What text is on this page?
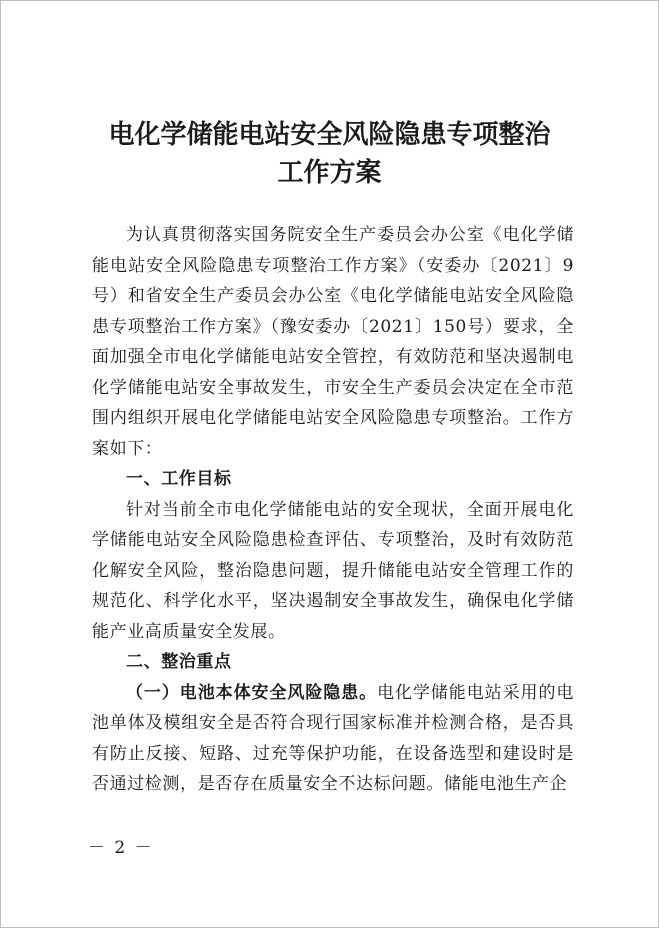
电化学储能电站安全风险隐患专项整治
工作方案

为认真贯彻落实国务院安全生产委员会办公室《电化学储能电站安全风险隐患专项整治工作方案》（安委办〔2021〕9号）和省安全生产委员会办公室《电化学储能电站安全风险隐患专项整治工作方案》（豫安委办〔2021〕150号）要求，全面加强全市电化学储能电站安全管控，有效防范和坚决遏制电化学储能电站安全事故发生，市安全生产委员会决定在全市范围内组织开展电化学储能电站安全风险隐患专项整治。工作方案如下：

一、工作目标

针对当前全市电化学储能电站的安全现状，全面开展电化学储能电站安全风险隐患检查评估、专项整治，及时有效防范化解安全风险，整治隐患问题，提升储能电站安全管理工作的规范化、科学化水平，坚决遏制安全事故发生，确保电化学储能产业高质量安全发展。

二、整治重点

（一）电池本体安全风险隐患。电化学储能电站采用的电池单体及模组安全是否符合现行国家标准并检测合格，是否具有防止反接、短路、过充等保护功能，在设备选型和建设时是否通过检测，是否存在质量安全不达标问题。储能电池生产企

－ 2 －
